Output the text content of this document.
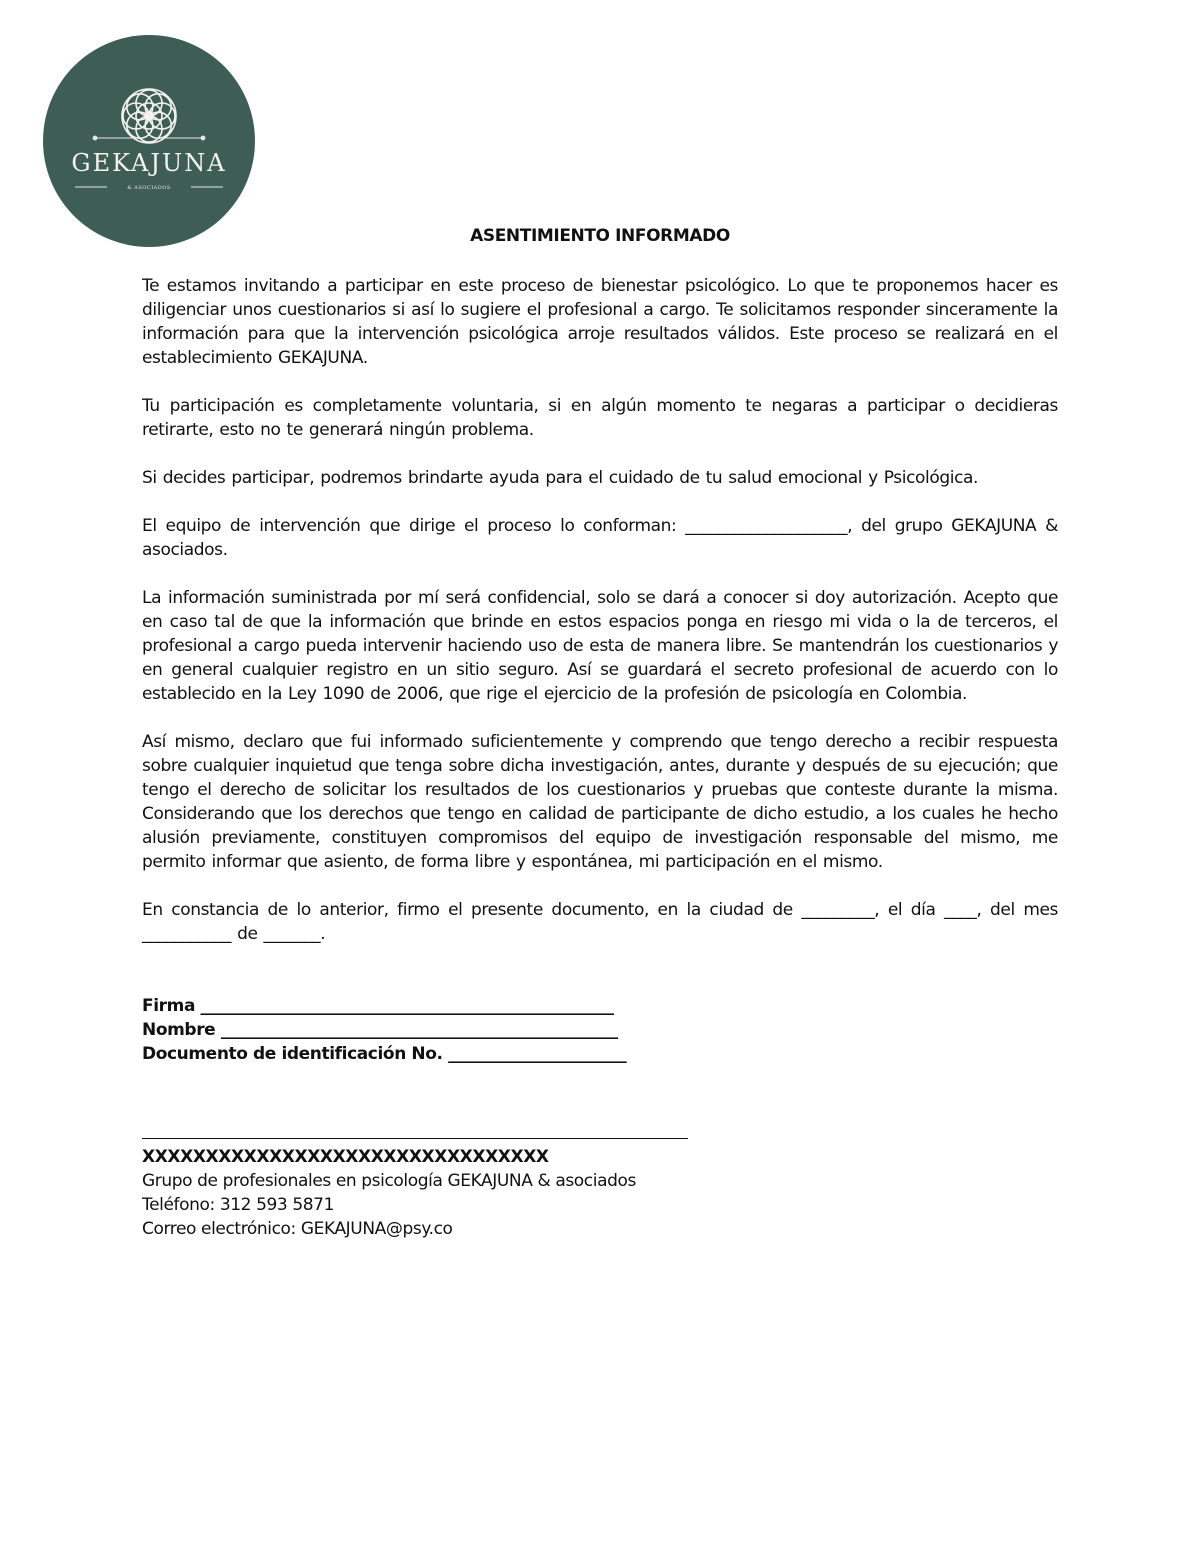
GEKAJUNA
& ASOCIADOS
ASENTIMIENTO INFORMADO

Te estamos invitando a participar en este proceso de bienestar psicológico. Lo que te proponemos hacer es diligenciar unos cuestionarios si así lo sugiere el profesional a cargo. Te solicitamos responder sinceramente la información para que la intervención psicológica arroje resultados válidos. Este proceso se realizará en el establecimiento GEKAJUNA.

Tu participación es completamente voluntaria, si en algún momento te negaras a participar o decidieras retirarte, esto no te generará ningún problema.

Si decides participar, podremos brindarte ayuda para el cuidado de tu salud emocional y Psicológica.

El equipo de intervención que dirige el proceso lo conforman: ____________________, del grupo GEKAJUNA & asociados.

La información suministrada por mí será confidencial, solo se dará a conocer si doy autorización. Acepto que en caso tal de que la información que brinde en estos espacios ponga en riesgo mi vida o la de terceros, el profesional a cargo pueda intervenir haciendo uso de esta de manera libre. Se mantendrán los cuestionarios y en general cualquier registro en un sitio seguro. Así se guardará el secreto profesional de acuerdo con lo establecido en la Ley 1090 de 2006, que rige el ejercicio de la profesión de psicología en Colombia.

Así mismo, declaro que fui informado suficientemente y comprendo que tengo derecho a recibir respuesta sobre cualquier inquietud que tenga sobre dicha investigación, antes, durante y después de su ejecución; que tengo el derecho de solicitar los resultados de los cuestionarios y pruebas que conteste durante la misma. Considerando que los derechos que tengo en calidad de participante de dicho estudio, a los cuales he hecho alusión previamente, constituyen compromisos del equipo de investigación responsable del mismo, me permito informar que asiento, de forma libre y espontánea, mi participación en el mismo.

En constancia de lo anterior, firmo el presente documento, en la ciudad de _________, el día ____, del mes ___________ de _______.

Firma ___________________________________________________
Nombre _________________________________________________
Documento de identificación No. ______________________
XXXXXXXXXXXXXXXXXXXXXXXXXXXXXXXX
Grupo de profesionales en psicología GEKAJUNA & asociados
Teléfono: 312 593 5871
Correo electrónico: GEKAJUNA@psy.co
